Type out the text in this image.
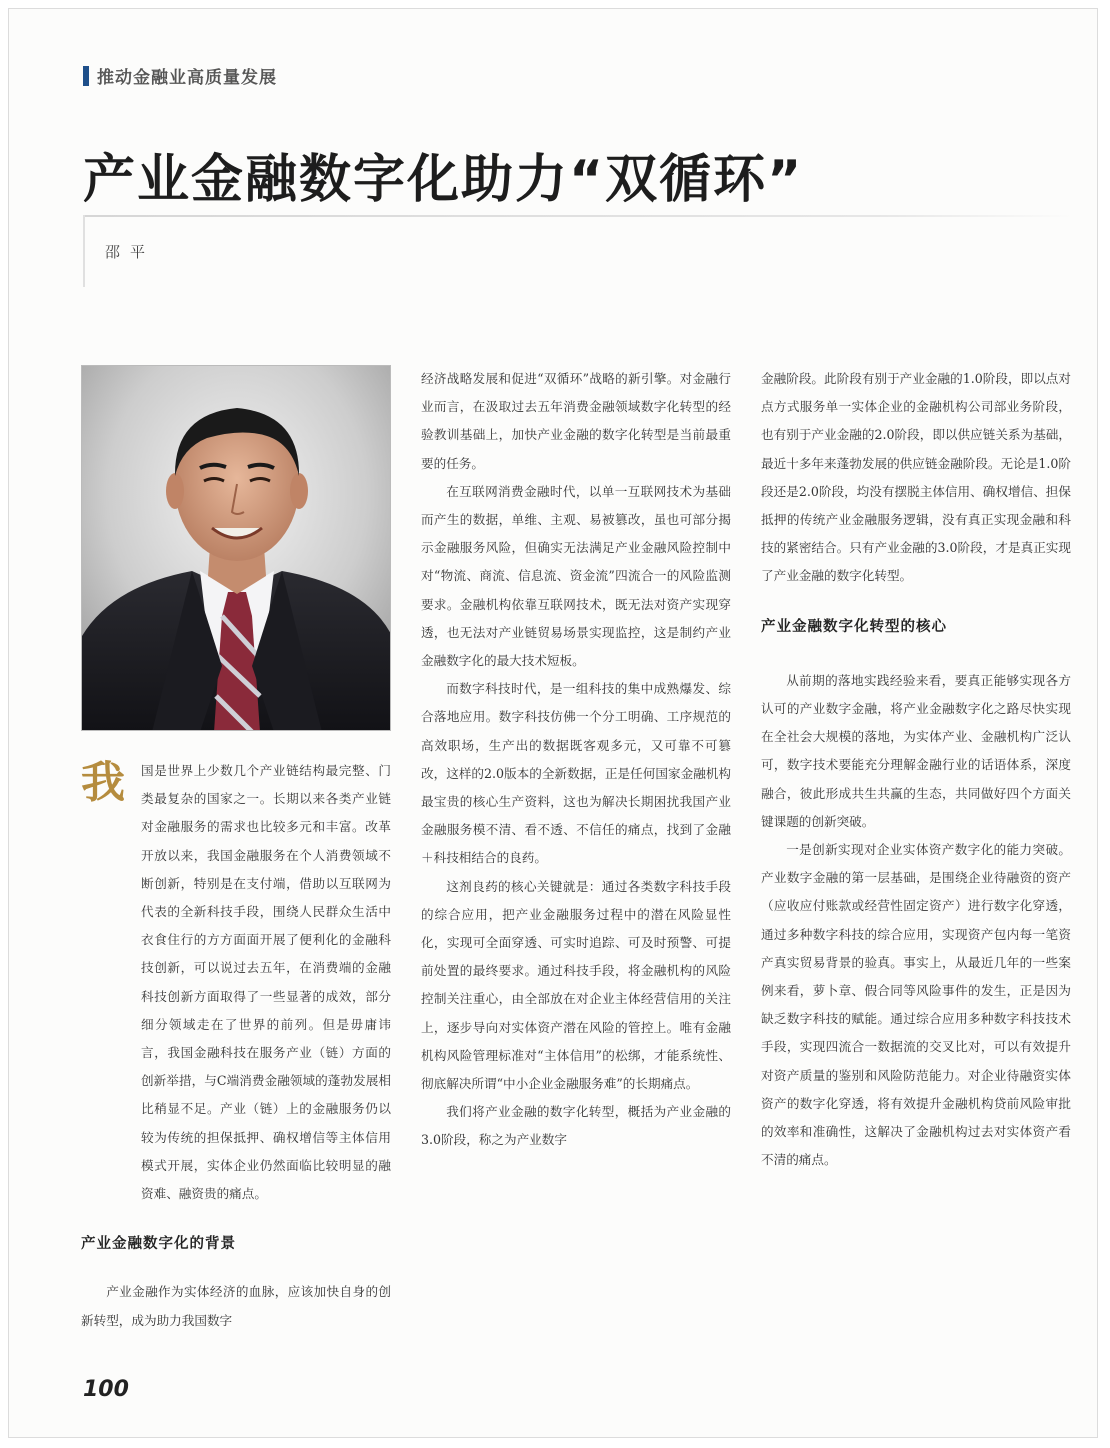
推动金融业高质量发展
产业金融数字化助力“双循环”
邵平
我	国是世界上少数几个产业链结构最完整、门类最复杂的国家之一。长期以来各类产业链对金融服务的需求也比较多元和丰富。改革开放以来，我国金融服务在个人消费领域不断创新，特别是在支付端，借助以互联网为代表的全新科技手段，围绕人民群众生活中衣食住行的方方面面开展了便利化的金融科技创新，可以说过去五年，在消费端的金融科技创新方面取得了一些显著的成效，部分细分领域走在了世界的前列。但是毋庸讳言，我国金融科技在服务产业（链）方面的创新举措，与C端消费金融领域的蓬勃发展相比稍显不足。产业（链）上的金融服务仍以较为传统的担保抵押、确权增信等主体信用模式开展，实体企业仍然面临比较明显的融资难、融资贵的痛点。

产业金融数字化的背景

产业金融作为实体经济的血脉，应该加快自身的创新转型，成为助力我国数字

经济战略发展和促进“双循环”战略的新引擎。对金融行业而言，在汲取过去五年消费金融领域数字化转型的经验教训基础上，加快产业金融的数字化转型是当前最重要的任务。

在互联网消费金融时代，以单一互联网技术为基础而产生的数据，单维、主观、易被篡改，虽也可部分揭示金融服务风险，但确实无法满足产业金融风险控制中对“物流、商流、信息流、资金流”四流合一的风险监测要求。金融机构依靠互联网技术，既无法对资产实现穿透，也无法对产业链贸易场景实现监控，这是制约产业金融数字化的最大技术短板。

而数字科技时代，是一组科技的集中成熟爆发、综合落地应用。数字科技仿佛一个分工明确、工序规范的高效职场，生产出的数据既客观多元，又可靠不可篡改，这样的2.0版本的全新数据，正是任何国家金融机构最宝贵的核心生产资料，这也为解决长期困扰我国产业金融服务模不清、看不透、不信任的痛点，找到了金融＋科技相结合的良药。

这剂良药的核心关键就是：通过各类数字科技手段的综合应用，把产业金融服务过程中的潜在风险显性化，实现可全面穿透、可实时追踪、可及时预警、可提前处置的最终要求。通过科技手段，将金融机构的风险控制关注重心，由全部放在对企业主体经营信用的关注上，逐步导向对实体资产潜在风险的管控上。唯有金融机构风险管理标准对“主体信用”的松绑，才能系统性、彻底解决所谓“中小企业金融服务难”的长期痛点。

我们将产业金融的数字化转型，概括为产业金融的3.0阶段，称之为产业数字

金融阶段。此阶段有别于产业金融的1.0阶段，即以点对点方式服务单一实体企业的金融机构公司部业务阶段，也有别于产业金融的2.0阶段，即以供应链关系为基础，最近十多年来蓬勃发展的供应链金融阶段。无论是1.0阶段还是2.0阶段，均没有摆脱主体信用、确权增信、担保抵押的传统产业金融服务逻辑，没有真正实现金融和科技的紧密结合。只有产业金融的3.0阶段，才是真正实现了产业金融的数字化转型。

产业金融数字化转型的核心

从前期的落地实践经验来看，要真正能够实现各方认可的产业数字金融，将产业金融数字化之路尽快实现在全社会大规模的落地，为实体产业、金融机构广泛认可，数字技术要能充分理解金融行业的话语体系，深度融合，彼此形成共生共赢的生态，共同做好四个方面关键课题的创新突破。

一是创新实现对企业实体资产数字化的能力突破。产业数字金融的第一层基础，是围绕企业待融资的资产（应收应付账款或经营性固定资产）进行数字化穿透，通过多种数字科技的综合应用，实现资产包内每一笔资产真实贸易背景的验真。事实上，从最近几年的一些案例来看，萝卜章、假合同等风险事件的发生，正是因为缺乏数字科技的赋能。通过综合应用多种数字科技技术手段，实现四流合一数据流的交叉比对，可以有效提升对资产质量的鉴别和风险防范能力。对企业待融资实体资产的数字化穿透，将有效提升金融机构贷前风险审批的效率和准确性，这解决了金融机构过去对实体资产看不清的痛点。

100
